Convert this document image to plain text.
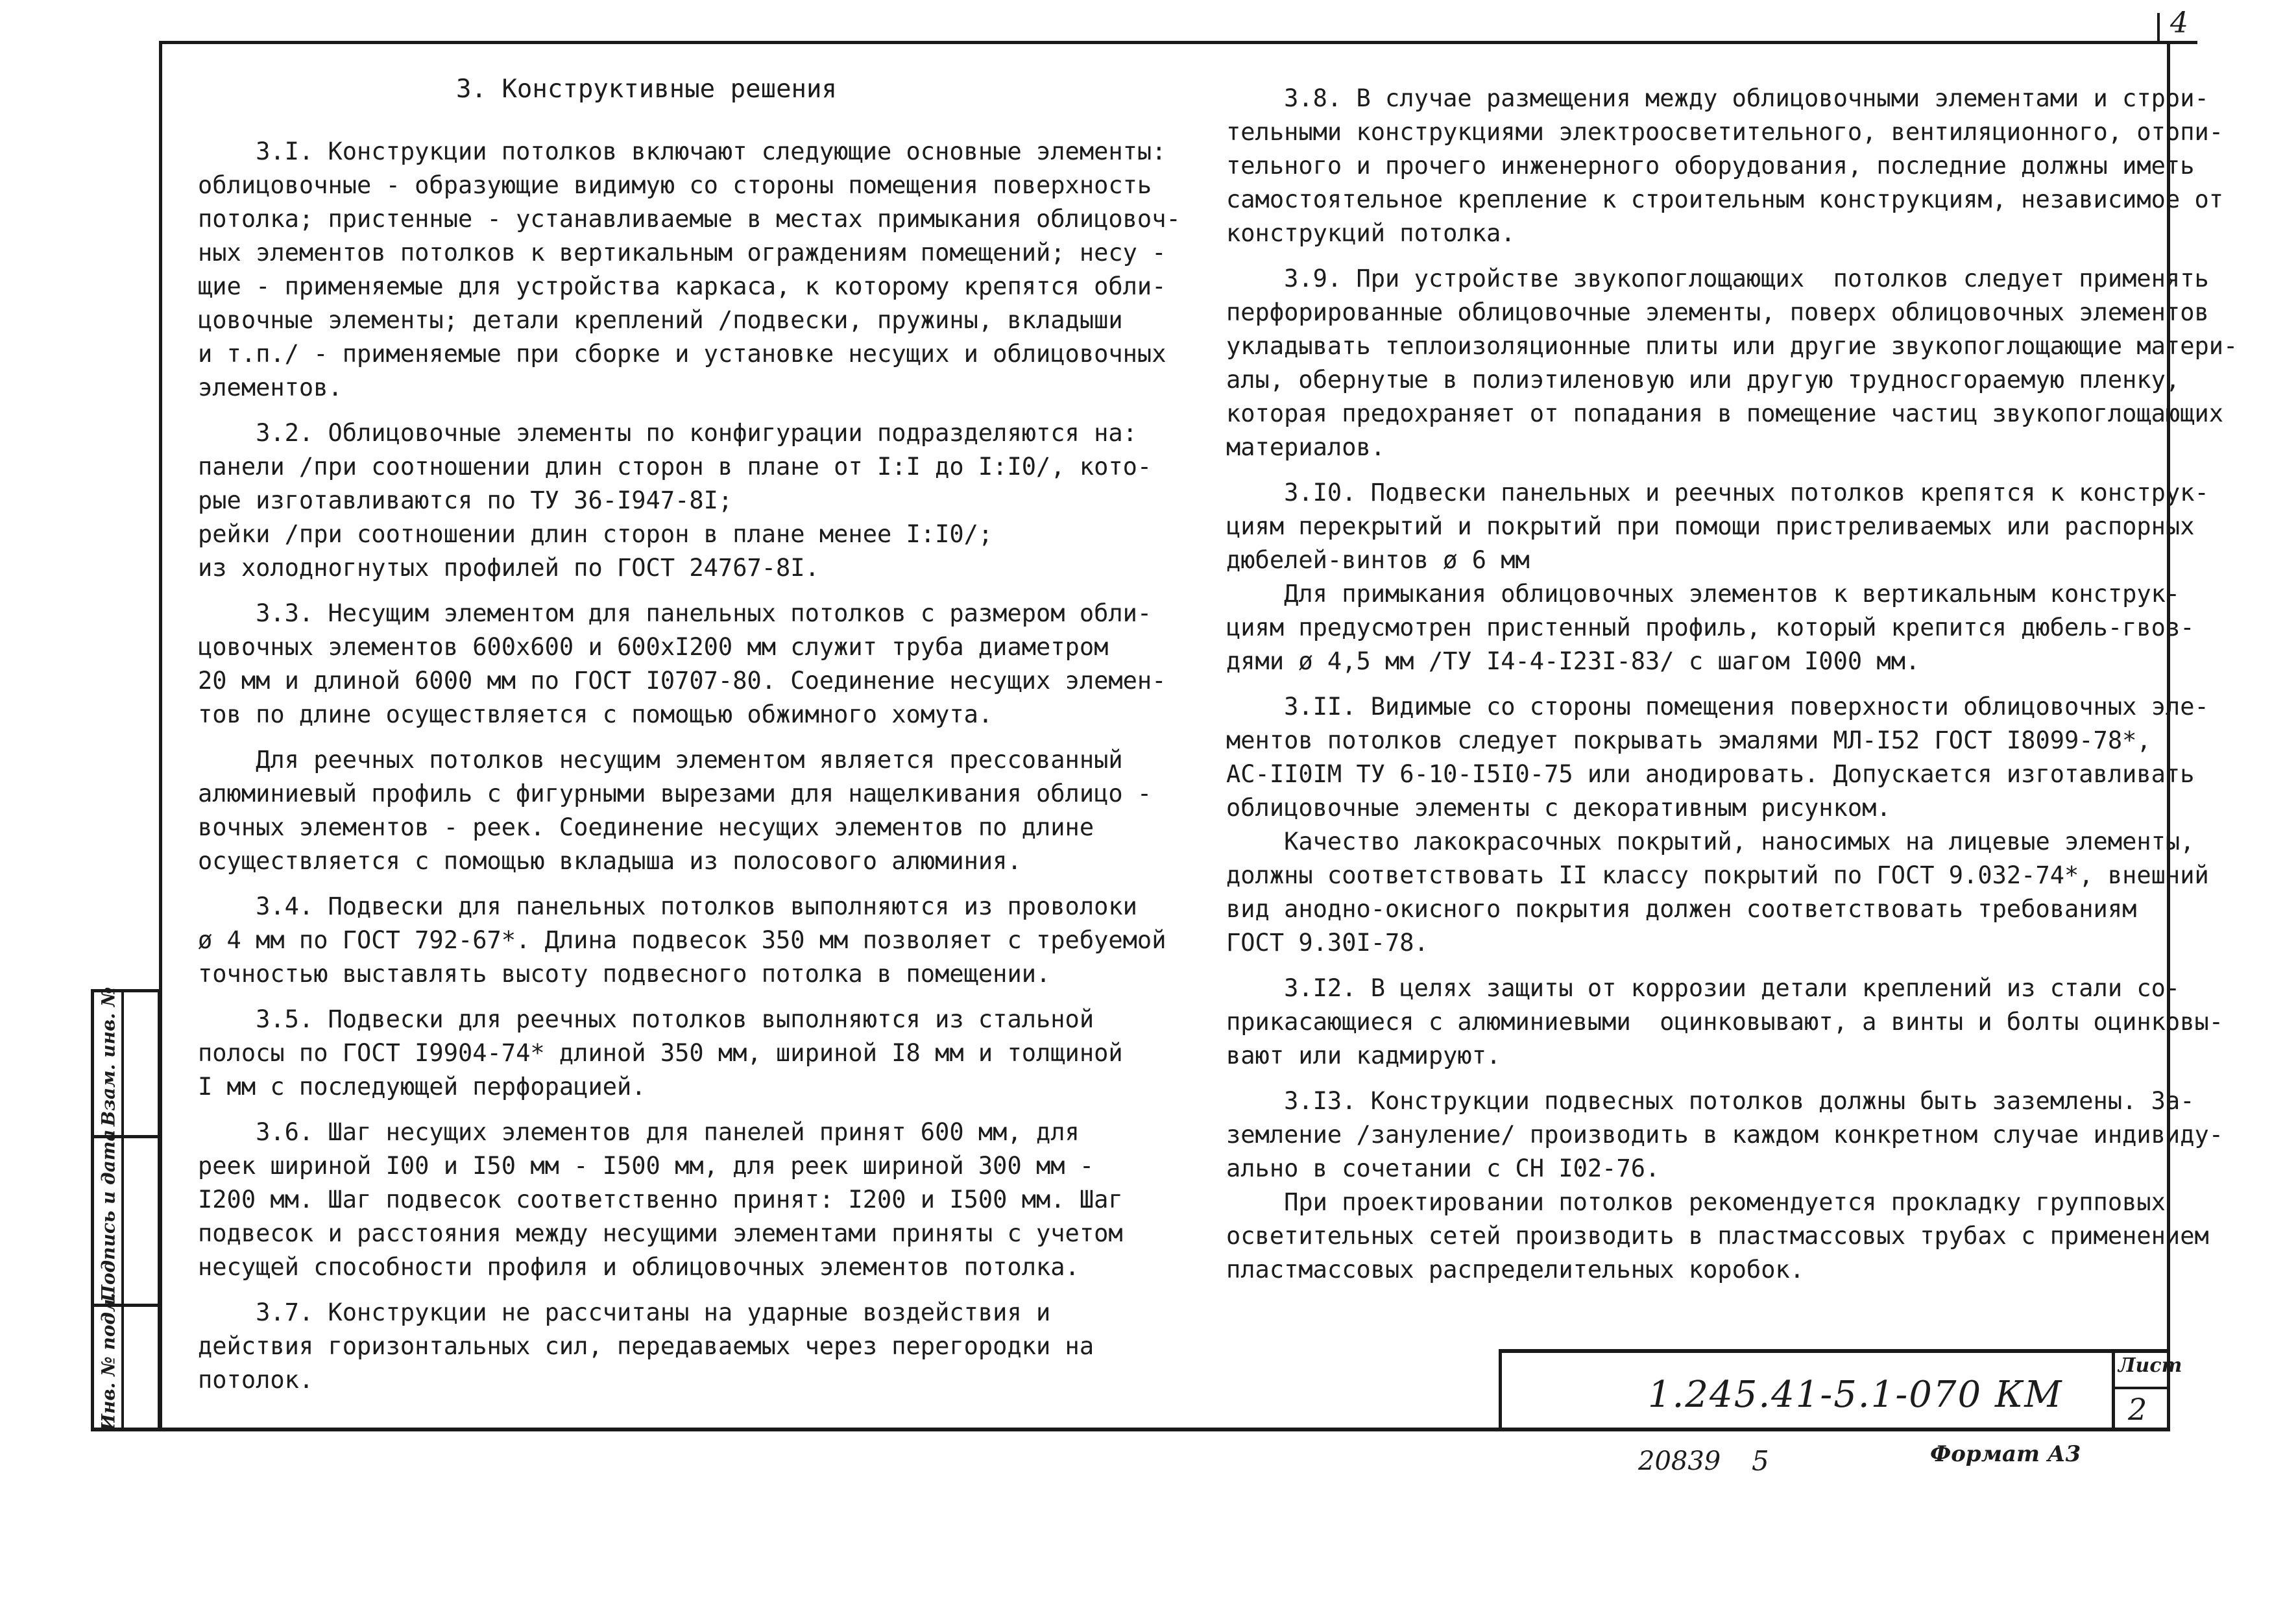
4
3. Конструктивные решения

3.I. Конструкции потолков включают следующие основные элементы:

облицовочные - образующие видимую со стороны помещения поверхность

потолка; пристенные - устанавливаемые в местах примыкания облицовоч-

ных элементов потолков к вертикальным ограждениям помещений; несу -

щие - применяемые для устройства каркаса, к которому крепятся обли-

цовочные элементы; детали креплений /подвески, пружины, вкладыши

и т.п./ - применяемые при сборке и установке несущих и облицовочных

элементов.

3.2. Облицовочные элементы по конфигурации подразделяются на:

панели /при соотношении длин сторон в плане от I:I до I:I0/, кото-

рые изготавливаются по ТУ 36-I947-8I;

рейки /при соотношении длин сторон в плане менее I:I0/;

из холодногнутых профилей по ГОСТ 24767-8I.

3.3. Несущим элементом для панельных потолков с размером обли-

цовочных элементов 600х600 и 600хI200 мм служит труба диаметром

20 мм и длиной 6000 мм по ГОСТ I0707-80. Соединение несущих элемен-

тов по длине осуществляется с помощью обжимного хомута.

Для реечных потолков несущим элементом является прессованный

алюминиевый профиль с фигурными вырезами для нащелкивания облицо -

вочных элементов - реек. Соединение несущих элементов по длине

осуществляется с помощью вкладыша из полосового алюминия.

3.4. Подвески для панельных потолков выполняются из проволоки

ø 4 мм по ГОСТ 792-67*. Длина подвесок 350 мм позволяет с требуемой

точностью выставлять высоту подвесного потолка в помещении.

3.5. Подвески для реечных потолков выполняются из стальной

полосы по ГОСТ I9904-74* длиной 350 мм, шириной I8 мм и толщиной

I мм с последующей перфорацией.

3.6. Шаг несущих элементов для панелей принят 600 мм, для

реек шириной I00 и I50 мм - I500 мм, для реек шириной 300 мм -

I200 мм. Шаг подвесок соответственно принят: I200 и I500 мм. Шаг

подвесок и расстояния между несущими элементами приняты с учетом

несущей способности профиля и облицовочных элементов потолка.

3.7. Конструкции не рассчитаны на ударные воздействия и

действия горизонтальных сил, передаваемых через перегородки на

потолок.

3.8. В случае размещения между облицовочными элементами и строи-

тельными конструкциями электроосветительного, вентиляционного, отопи-

тельного и прочего инженерного оборудования, последние должны иметь

самостоятельное крепление к строительным конструкциям, независимое от

конструкций потолка.

3.9. При устройстве звукопоглощающих  потолков следует применять

перфорированные облицовочные элементы, поверх облицовочных элементов

укладывать теплоизоляционные плиты или другие звукопоглощающие матери-

алы, обернутые в полиэтиленовую или другую трудносгораемую пленку,

которая предохраняет от попадания в помещение частиц звукопоглощающих

материалов.

3.I0. Подвески панельных и реечных потолков крепятся к конструк-

циям перекрытий и покрытий при помощи пристреливаемых или распорных

дюбелей-винтов ø 6 мм

Для примыкания облицовочных элементов к вертикальным конструк-

циям предусмотрен пристенный профиль, который крепится дюбель-гвоз-

дями ø 4,5 мм /ТУ I4-4-I23I-83/ с шагом I000 мм.

3.II. Видимые со стороны помещения поверхности облицовочных эле-

ментов потолков следует покрывать эмалями МЛ-I52 ГОСТ I8099-78*,

АС-II0IМ ТУ 6-10-I5I0-75 или анодировать. Допускается изготавливать

облицовочные элементы с декоративным рисунком.

Качество лакокрасочных покрытий, наносимых на лицевые элементы,

должны соответствовать II классу покрытий по ГОСТ 9.032-74*, внешний

вид анодно-окисного покрытия должен соответствовать требованиям

ГОСТ 9.30I-78.

3.I2. В целях защиты от коррозии детали креплений из стали со-

прикасающиеся с алюминиевыми  оцинковывают, а винты и болты оцинковы-

вают или кадмируют.

3.I3. Конструкции подвесных потолков должны быть заземлены. За-

земление /зануление/ производить в каждом конкретном случае индивиду-

ально в сочетании с СН I02-76.

При проектировании потолков рекомендуется прокладку групповых

осветительных сетей производить в пластмассовых трубах с применением

пластмассовых распределительных коробок.

Взам. инв. №
Подпись и дата
Инв. № подл.	1.245.41-5.1-070 КМ
Лист
2
20839 5	Формат А3
